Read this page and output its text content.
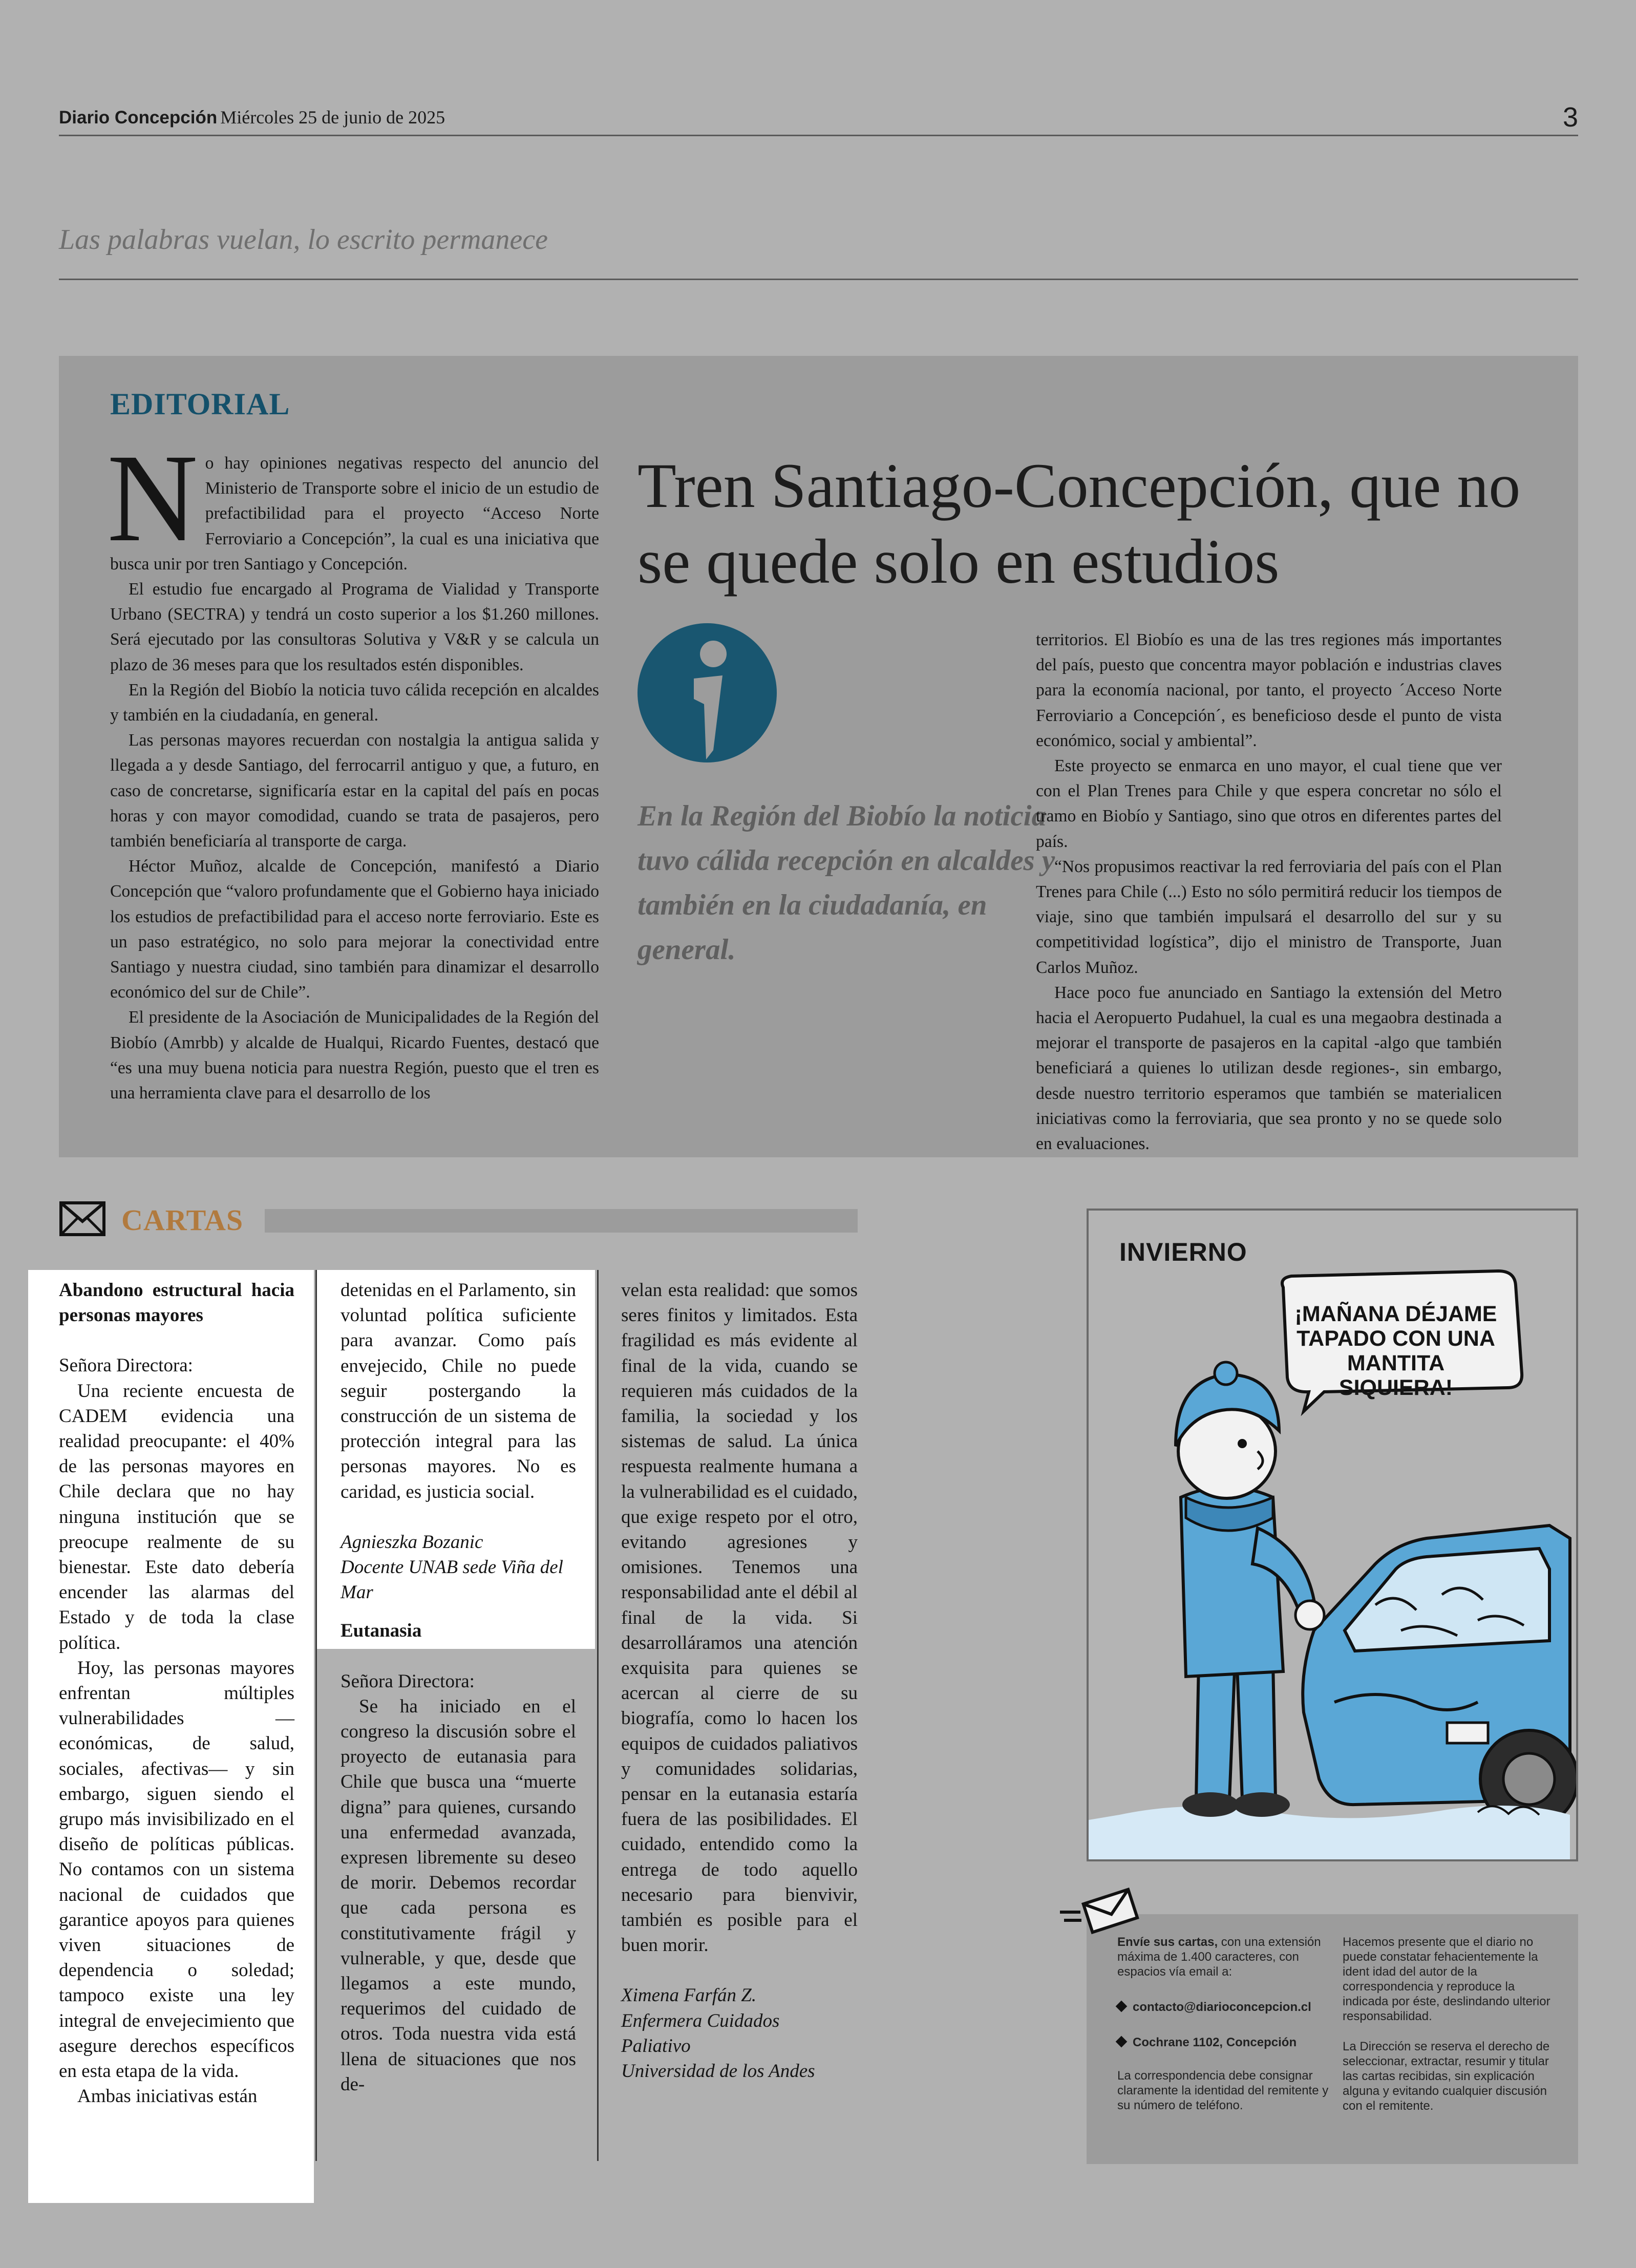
Diario Concepción Miércoles 25 de junio de 2025	3
Las palabras vuelan, lo escrito permanece
EDITORIAL

No hay opiniones negativas respecto del anuncio del Ministerio de Transporte sobre el inicio de un estudio de prefactibilidad para el proyecto “Acceso Norte Ferroviario a Concepción”, la cual es una iniciativa que busca unir por tren Santiago y Concepción.

El estudio fue encargado al Programa de Vialidad y Transporte Urbano (SECTRA) y tendrá un costo superior a los $1.260 millones. Será ejecutado por las consultoras Solutiva y V&R y se calcula un plazo de 36 meses para que los resultados estén disponibles.

En la Región del Biobío la noticia tuvo cálida recepción en alcaldes y también en la ciudadanía, en general.

Las personas mayores recuerdan con nostalgia la antigua salida y llegada a y desde Santiago, del ferrocarril antiguo y que, a futuro, en caso de concretarse, significaría estar en la capital del país en pocas horas y con mayor comodidad, cuando se trata de pasajeros, pero también beneficiaría al transporte de carga.

Héctor Muñoz, alcalde de Concepción, manifestó a Diario Concepción que “valoro profundamente que el Gobierno haya iniciado los estudios de prefactibilidad para el acceso norte ferroviario. Este es un paso estratégico, no solo para mejorar la conectividad entre Santiago y nuestra ciudad, sino también para dinamizar el desarrollo económico del sur de Chile”.

El presidente de la Asociación de Municipalidades de la Región del Biobío (Amrbb) y alcalde de Hualqui, Ricardo Fuentes, destacó que “es una muy buena noticia para nuestra Región, puesto que el tren es una herramienta clave para el desarrollo de los

Tren Santiago-Concepción, que no se quede solo en estudios
En la Región del Biobío la noticia tuvo cálida recepción en alcaldes y también en la ciudadanía, en general.

territorios. El Biobío es una de las tres regiones más importantes del país, puesto que concentra mayor población e industrias claves para la economía nacional, por tanto, el proyecto ´Acceso Norte Ferroviario a Concepción´, es beneficioso desde el punto de vista económico, social y ambiental”.

Este proyecto se enmarca en uno mayor, el cual tiene que ver con el Plan Trenes para Chile y que espera concretar no sólo el tramo en Biobío y Santiago, sino que otros en diferentes partes del país.

“Nos propusimos reactivar la red ferroviaria del país con el Plan Trenes para Chile (...) Esto no sólo permitirá reducir los tiempos de viaje, sino que también impulsará el desarrollo del sur y su competitividad logística”, dijo el ministro de Transporte, Juan Carlos Muñoz.

Hace poco fue anunciado en Santiago la extensión del Metro hacia el Aeropuerto Pudahuel, la cual es una megaobra destinada a mejorar el transporte de pasajeros en la capital -algo que también beneficiará a quienes lo utilizan desde regiones-, sin embargo, desde nuestro territorio esperamos que también se materialicen iniciativas como la ferroviaria, que sea pronto y no se quede solo en evaluaciones.

CARTAS

Abandono estructural hacia personas mayores

Señora Directora:

Una reciente encuesta de CADEM evidencia una realidad preocupante: el 40% de las personas mayores en Chile declara que no hay ninguna institución que se preocupe realmente de su bienestar. Este dato debería encender las alarmas del Estado y de toda la clase política.

Hoy, las personas mayores enfrentan múltiples vulnerabilidades —económicas, de salud, sociales, afectivas— y sin embargo, siguen siendo el grupo más invisibilizado en el diseño de políticas públicas. No contamos con un sistema nacional de cuidados que garantice apoyos para quienes viven situaciones de dependencia o soledad; tampoco existe una ley integral de envejecimiento que asegure derechos específicos en esta etapa de la vida.

Ambas iniciativas están

detenidas en el Parlamento, sin voluntad política suficiente para avanzar. Como país envejecido, Chile no puede seguir postergando la construcción de un sistema de protección integral para las personas mayores. No es caridad, es justicia social.

Agnieszka Bozanic

Docente UNAB sede Viña del Mar

Eutanasia

Señora Directora:

Se ha iniciado en el congreso la discusión sobre el proyecto de eutanasia para Chile que busca una “muerte digna” para quienes, cursando una enfermedad avanzada, expresen libremente su deseo de morir. Debemos recordar que cada persona es constitutivamente frágil y vulnerable, y que, desde que llegamos a este mundo, requerimos del cuidado de otros. Toda nuestra vida está llena de situaciones que nos de-

velan esta realidad: que somos seres finitos y limitados. Esta fragilidad es más evidente al final de la vida, cuando se requieren más cuidados de la familia, la sociedad y los sistemas de salud. La única respuesta realmente humana a la vulnerabilidad es el cuidado, que exige respeto por el otro, evitando agresiones y omisiones. Tenemos una responsabilidad ante el débil al final de la vida. Si desarrolláramos una atención exquisita para quienes se acercan al cierre de su biografía, como lo hacen los equipos de cuidados paliativos y comunidades solidarias, pensar en la eutanasia estaría fuera de las posibilidades. El cuidado, entendido como la entrega de todo aquello necesario para bienvivir, también es posible para el buen morir.

Ximena Farfán Z.

Enfermera Cuidados

Paliativo

Universidad de los Andes

INVIERNO
¡MAÑANA DÉJAME TAPADO CON UNA MANTITA SIQUIERA!

Envíe sus cartas, con una extensión máxima de 1.400 caracteres, con espacios vía email a:

contacto@diarioconcepcion.cl

Cochrane 1102, Concepción

La correspondencia debe consignar claramente la identidad del remitente y su número de teléfono.

Hacemos presente que el diario no puede constatar fehacientemente la ident idad del autor de la correspondencia y reproduce la indicada por éste, deslindando ulterior responsabilidad.

La Dirección se reserva el derecho de seleccionar, extractar, resumir y titular las cartas recibidas, sin explicación alguna y evitando cualquier discusión con el remitente.
